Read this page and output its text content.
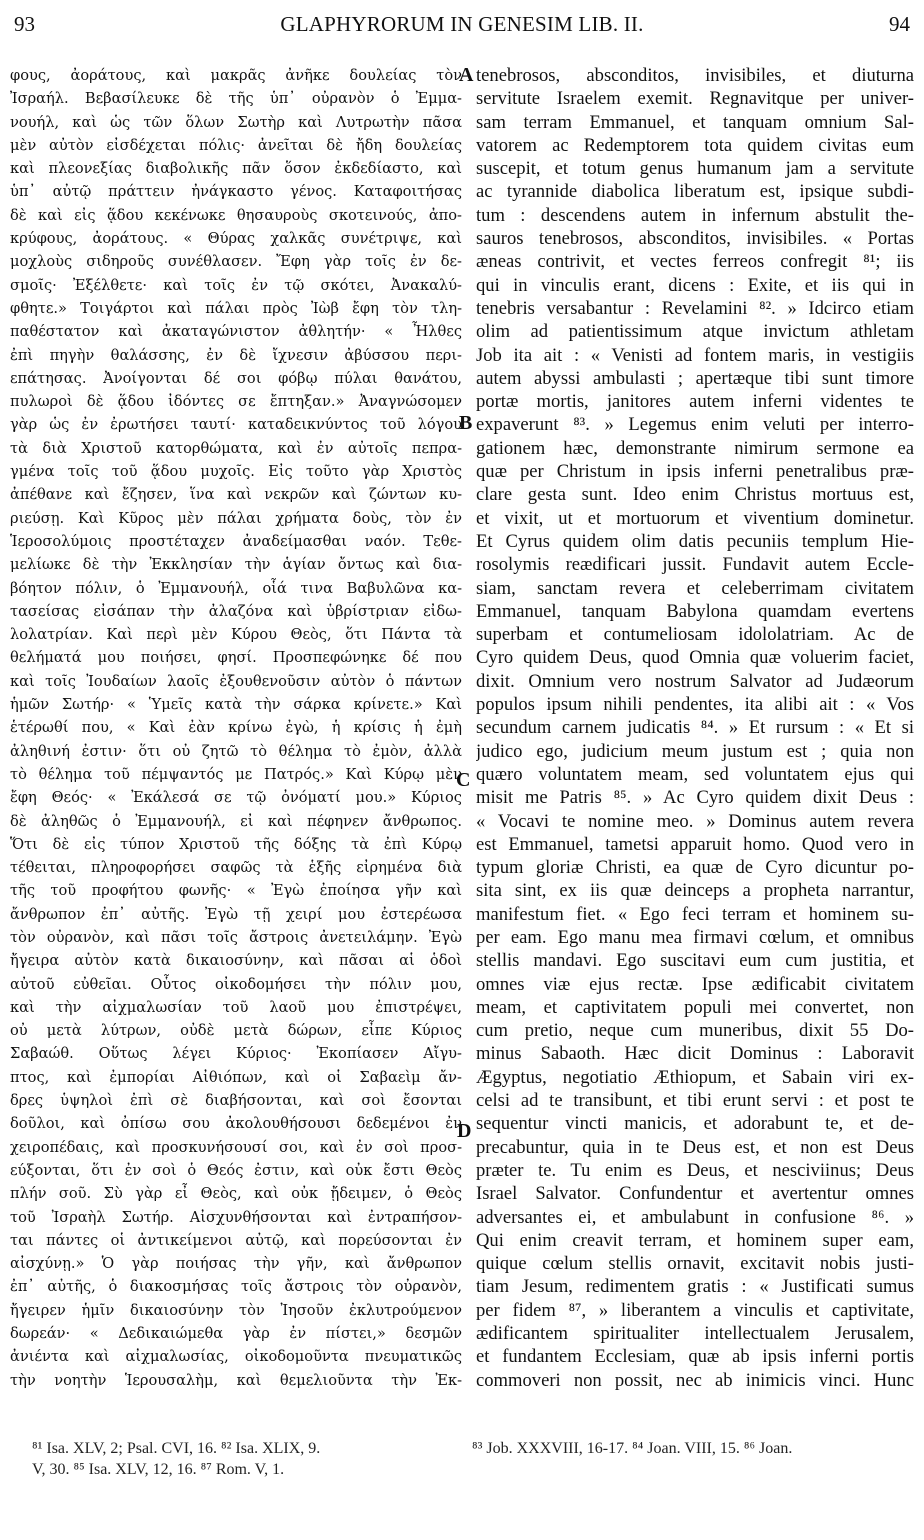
93	GLAPHYRORUM IN GENESIM LIB. II.	94
φους, ἀοράτους, καὶ μακρᾶς ἀνῆκε δουλείας τὸν
Ἰσραήλ. Βεβασίλευκε δὲ τῆς ὑπ᾽ οὐρανὸν ὁ Ἐμμα-
νουήλ, καὶ ὡς τῶν ὅλων Σωτὴρ καὶ Λυτρωτὴν πᾶσα
μὲν αὐτὸν εἰσδέχεται πόλις· ἀνεῖται δὲ ἤδη δουλείας
καὶ πλεονεξίας διαβολικῆς πᾶν ὅσον ἐκδεδίαστο, καὶ
ὑπ᾽ αὐτῷ πράττειν ἠνάγκαστο γένος. Καταφοιτήσας
δὲ καὶ εἰς ᾅδου κεκένωκε θησαυροὺς σκοτεινούς, ἀπο-
κρύφους, ἀοράτους. « Θύρας χαλκᾶς συνέτριψε, καὶ
μοχλοὺς σιδηροῦς συνέθλασεν. Ἔφη γὰρ τοῖς ἐν δε-
σμοῖς· Ἐξέλθετε· καὶ τοῖς ἐν τῷ σκότει, Ἀνακαλύ-
φθητε.» Τοιγάρτοι καὶ πάλαι πρὸς Ἰὼβ ἔφη τὸν τλη-
παθέστατον καὶ ἀκαταγώνιστον ἀθλητήν· « Ἦλθες
ἐπὶ πηγὴν θαλάσσης, ἐν δὲ ἴχνεσιν ἀβύσσου περι-
επάτησας. Ἀνοίγονται δέ σοι φόβῳ πύλαι θανάτου,
πυλωροὶ δὲ ᾅδου ἰδόντες σε ἔπτηξαν.» Ἀναγνώσομεν
γὰρ ὡς ἐν ἐρωτήσει ταυτί· καταδεικνύντος τοῦ λόγου
τὰ διὰ Χριστοῦ κατορθώματα, καὶ ἐν αὐτοῖς πεπρα-
γμένα τοῖς τοῦ ᾅδου μυχοῖς. Εἰς τοῦτο γὰρ Χριστὸς
ἀπέθανε καὶ ἔζησεν, ἵνα καὶ νεκρῶν καὶ ζώντων κυ-
ριεύσῃ. Καὶ Κῦρος μὲν πάλαι χρήματα δοὺς, τὸν ἐν
Ἱεροσολύμοις προστέταχεν ἀναδείμασθαι ναόν. Τεθε-
μελίωκε δὲ τὴν Ἐκκλησίαν τὴν ἁγίαν ὄντως καὶ δια-
βόητον πόλιν, ὁ Ἐμμανουήλ, οἷά τινα Βαβυλῶνα κα-
τασείσας εἰσάπαν τὴν ἀλαζόνα καὶ ὑβρίστριαν εἰδω-
λολατρίαν. Καὶ περὶ μὲν Κύρου Θεὸς, ὅτι Πάντα τὰ
θελήματά μου ποιήσει, φησί. Προσπεφώνηκε δέ που
καὶ τοῖς Ἰουδαίων λαοῖς ἐξουθενοῦσιν αὐτὸν ὁ πάντων
ἡμῶν Σωτήρ· « Ὑμεῖς κατὰ τὴν σάρκα κρίνετε.» Καὶ
ἑτέρωθί που, « Καὶ ἐὰν κρίνω ἐγὼ, ἡ κρίσις ἡ ἐμὴ
ἀληθινή ἐστιν· ὅτι οὐ ζητῶ τὸ θέλημα τὸ ἐμὸν, ἀλλὰ
τὸ θέλημα τοῦ πέμψαντός με Πατρός.» Καὶ Κύρῳ μὲν
ἔφη Θεός· « Ἐκάλεσά σε τῷ ὀνόματί μου.» Κύριος
δὲ ἀληθῶς ὁ Ἐμμανουήλ, εἰ καὶ πέφηνεν ἄνθρωπος.
Ὅτι δὲ εἰς τύπον Χριστοῦ τῆς δόξης τὰ ἐπὶ Κύρῳ
τέθειται, πληροφορήσει σαφῶς τὰ ἑξῆς εἰρημένα διὰ
τῆς τοῦ προφήτου φωνῆς· « Ἐγὼ ἐποίησα γῆν καὶ
ἄνθρωπον ἐπ᾽ αὐτῆς. Ἐγὼ τῇ χειρί μου ἐστερέωσα
τὸν οὐρανὸν, καὶ πᾶσι τοῖς ἄστροις ἀνετειλάμην. Ἐγὼ
ἤγειρα αὐτὸν κατὰ δικαιοσύνην, καὶ πᾶσαι αἱ ὁδοὶ
αὐτοῦ εὐθεῖαι. Οὗτος οἰκοδομήσει τὴν πόλιν μου,
καὶ τὴν αἰχμαλωσίαν τοῦ λαοῦ μου ἐπιστρέψει,
οὐ μετὰ λύτρων, οὐδὲ μετὰ δώρων, εἶπε Κύριος
Σαβαώθ. Οὕτως λέγει Κύριος· Ἐκοπίασεν Αἴγυ-
πτος, καὶ ἐμπορίαι Αἰθιόπων, καὶ οἱ Σαβαεὶμ ἄν-
δρες ὑψηλοὶ ἐπὶ σὲ διαβήσονται, καὶ σοὶ ἔσονται
δοῦλοι, καὶ ὀπίσω σου ἀκολουθήσουσι δεδεμένοι ἐν
χειροπέδαις, καὶ προσκυνήσουσί σοι, καὶ ἐν σοὶ προσ-
εύξονται, ὅτι ἐν σοὶ ὁ Θεός ἐστιν, καὶ οὐκ ἔστι Θεὸς
πλήν σοῦ. Σὺ γὰρ εἶ Θεὸς, καὶ οὐκ ᾔδειμεν, ὁ Θεὸς
τοῦ Ἰσραὴλ Σωτήρ. Αἰσχυνθήσονται καὶ ἐντραπήσον-
ται πάντες οἱ ἀντικείμενοι αὐτῷ, καὶ πορεύσονται ἐν
αἰσχύνῃ.» Ὁ γὰρ ποιήσας τὴν γῆν, καὶ ἄνθρωπον
ἐπ᾽ αὐτῆς, ὁ διακοσμήσας τοῖς ἄστροις τὸν οὐρανὸν,
ἤγειρεν ἡμῖν δικαιοσύνην τὸν Ἰησοῦν ἐκλυτρούμενον
δωρεάν· « Δεδικαιώμεθα γὰρ ἐν πίστει,» δεσμῶν
ἀνιέντα καὶ αἰχμαλωσίας, οἰκοδομοῦντα πνευματικῶς
τὴν νοητὴν Ἱερουσαλὴμ, καὶ θεμελιοῦντα τὴν Ἐκ-
A
B
C
D
tenebrosos, absconditos, invisibiles, et diuturna
servitute Israelem exemit. Regnavitque per univer-
sam terram Emmanuel, et tanquam omnium Sal-
vatorem ac Redemptorem tota quidem civitas eum
suscepit, et totum genus humanum jam a servitute
ac tyrannide diabolica liberatum est, ipsique subdi-
tum : descendens autem in infernum abstulit the-
sauros tenebrosos, absconditos, invisibiles. « Portas
æneas contrivit, et vectes ferreos confregit ⁸¹; iis
qui in vinculis erant, dicens : Exite, et iis qui in
tenebris versabantur : Revelamini ⁸². » Idcirco etiam
olim ad patientissimum atque invictum athletam
Job ita ait : « Venisti ad fontem maris, in vestigiis
autem abyssi ambulasti ; apertæque tibi sunt timore
portæ mortis, janitores autem inferni videntes te
expaverunt ⁸³. » Legemus enim veluti per interro-
gationem hæc, demonstrante nimirum sermone ea
quæ per Christum in ipsis inferni penetralibus præ-
clare gesta sunt. Ideo enim Christus mortuus est,
et vixit, ut et mortuorum et viventium dominetur.
Et Cyrus quidem olim datis pecuniis templum Hie-
rosolymis reædificari jussit. Fundavit autem Eccle-
siam, sanctam revera et celeberrimam civitatem
Emmanuel, tanquam Babylona quamdam evertens
superbam et contumeliosam idololatriam. Ac de
Cyro quidem Deus, quod Omnia quæ voluerim faciet,
dixit. Omnium vero nostrum Salvator ad Judæorum
populos ipsum nihili pendentes, ita alibi ait : « Vos
secundum carnem judicatis ⁸⁴. » Et rursum : « Et si
judico ego, judicium meum justum est ; quia non
quæro voluntatem meam, sed voluntatem ejus qui
misit me Patris ⁸⁵. » Ac Cyro quidem dixit Deus :
« Vocavi te nomine meo. » Dominus autem revera
est Emmanuel, tametsi apparuit homo. Quod vero in
typum gloriæ Christi, ea quæ de Cyro dicuntur po-
sita sint, ex iis quæ deinceps a propheta narrantur,
manifestum fiet. « Ego feci terram et hominem su-
per eam. Ego manu mea firmavi cœlum, et omnibus
stellis mandavi. Ego suscitavi eum cum justitia, et
omnes viæ ejus rectæ. Ipse ædificabit civitatem
meam, et captivitatem populi mei convertet, non
cum pretio, neque cum muneribus, dixit 55 Do-
minus Sabaoth. Hæc dicit Dominus : Laboravit
Ægyptus, negotiatio Æthiopum, et Sabain viri ex-
celsi ad te transibunt, et tibi erunt servi : et post te
sequentur vincti manicis, et adorabunt te, et de-
precabuntur, quia in te Deus est, et non est Deus
præter te. Tu enim es Deus, et nesciviinus; Deus
Israel Salvator. Confundentur et avertentur omnes
adversantes ei, et ambulabunt in confusione ⁸⁶. »
Qui enim creavit terram, et hominem super eam,
quique cœlum stellis ornavit, excitavit nobis justi-
tiam Jesum, redimentem gratis : « Justificati sumus
per fidem ⁸⁷, » liberantem a vinculis et captivitate,
ædificantem spiritualiter intellectualem Jerusalem,
et fundantem Ecclesiam, quæ ab ipsis inferni portis
commoveri non possit, nec ab inimicis vinci. Hunc
⁸¹ Isa. XLV, 2; Psal. CVI, 16. ⁸² Isa. XLIX, 9.
V, 30. ⁸⁵ Isa. XLV, 12, 16. ⁸⁷ Rom. V, 1.
⁸³ Job. XXXVIII, 16-17. ⁸⁴ Joan. VIII, 15. ⁸⁶ Joan.
